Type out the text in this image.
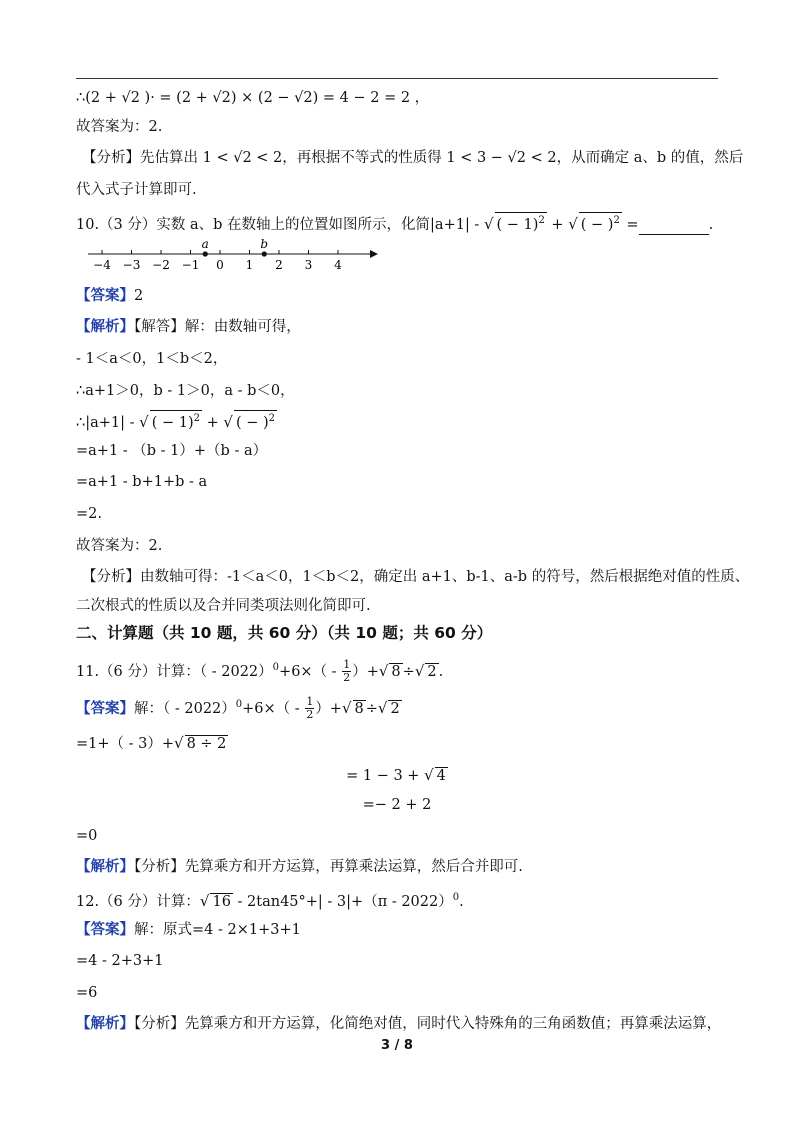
∴(2 + √2 )· = (2 + √2) × (2 − √2) = 4 − 2 = 2 ，
故答案为：2.
【分析】先估算出 1 < √2 < 2，再根据不等式的性质得 1 < 3 − √2 < 2，从而确定 a、b 的值，然后
代入式子计算即可.
10.（3 分）实数 a、b 在数轴上的位置如图所示，化简|a+1| ‐ √ ( − 1)$^2$ + √ ( − )$^2$ =	.
−4 −3 −2 −1 0 1 2 3 4
a	b
【答案】2
【解析】【解答】解：由数轴可得，
‐ 1＜a＜0，1＜b＜2，
∴a+1＞0，b ‐ 1＞0，a ‐ b＜0，
∴|a+1| ‐ √ ( − 1)$^2$ + √ ( − )$^2$
=a+1 ‐ （b ‐ 1）+（b ‐ a）
=a+1 ‐ b+1+b ‐ a
=2.
故答案为：2.
【分析】由数轴可得：-1＜a＜0，1＜b＜2，确定出 a+1、b-1、a-b 的符号，然后根据绝对值的性质、
二次根式的性质以及合并同类项法则化简即可.
二、计算题（共 10 题，共 60 分）（共 10 题；共 60 分）
11.（6 分）计算：（ ‐ 2022）$^0$+6×（ ‐ $\frac{1}{2}$ ）+√ 8 ÷√ 2 .
【答案】解：（ ‐ 2022）$^0$+6×（ ‐ $\frac{1}{2}$ ）+√ 8 ÷√ 2
=1+（ ‐ 3）+√ 8 ÷ 2
= 1 − 3 + √ 4
=− 2 + 2
=0
【解析】【分析】先算乘方和开方运算，再算乘法运算，然后合并即可.
12.（6 分）计算：√ 16 ‐ 2tan45°+| ‐ 3|+（π ‐ 2022）$^0$.
【答案】解：原式=4 ‐ 2×1+3+1
=4 ‐ 2+3+1
=6
【解析】【分析】先算乘方和开方运算，化简绝对值，同时代入特殊角的三角函数值；再算乘法运算，
3 / 8
